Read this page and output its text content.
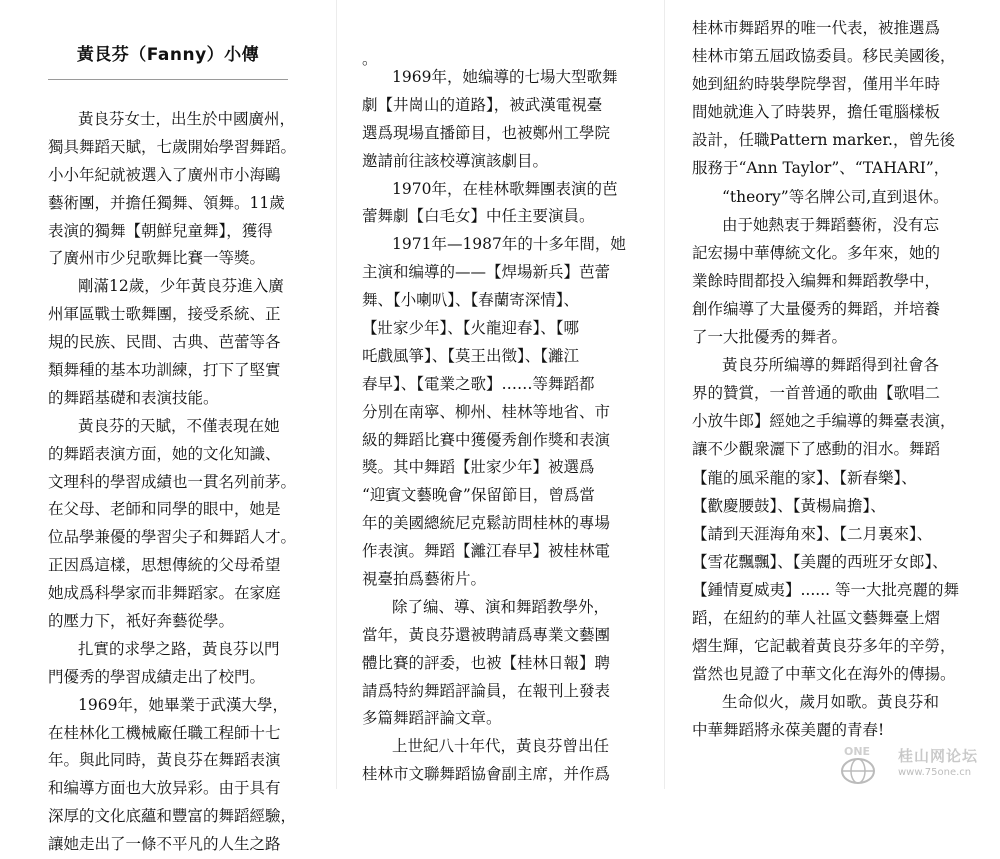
黃艮芬（Fanny）小傳
黃良芬女士，出生於中國廣州，
獨具舞蹈天賦，七歲開始學習舞蹈。
小小年紀就被選入了廣州市小海鷗
藝術團，并擔任獨舞、領舞。11歲
表演的獨舞【朝鮮兒童舞】，獲得
了廣州市少兒歌舞比賽一等獎。
剛滿12歲，少年黃良芬進入廣
州軍區戰士歌舞團，接受系統、正
規的民族、民間、古典、芭蕾等各
類舞種的基本功訓練，打下了堅實
的舞蹈基礎和表演技能。
黃良芬的天賦，不僅表現在她
的舞蹈表演方面，她的文化知識、
文理科的學習成績也一貫名列前茅。
在父母、老師和同學的眼中，她是
位品學兼優的學習尖子和舞蹈人才。
正因爲這樣，思想傳統的父母希望
她成爲科學家而非舞蹈家。在家庭
的壓力下，衹好奔藝從學。
扎實的求學之路，黃良芬以門
門優秀的學習成績走出了校門。
1969年，她畢業于武漢大學，
在桂林化工機械廠任職工程師十七
年。與此同時，黃良芬在舞蹈表演
和编導方面也大放异彩。由于具有
深厚的文化底蘊和豐富的舞蹈經驗，
讓她走出了一條不平凡的人生之路
。
1969年，她编導的七場大型歌舞
劇【井崗山的道路】，被武漢電視臺
選爲現場直播節目，也被鄭州工學院
邀請前往該校導演該劇目。
1970年，在桂林歌舞團表演的芭
蕾舞劇【白毛女】中任主要演員。
1971年—1987年的十多年間，她
主演和编導的——【焊場新兵】芭蕾
舞、【小喇叭】、【春蘭寄深情】、
【壯家少年】、【火龍迎春】、【哪
吒戲風箏】、【莫王出徵】、【灕江
春早】、【電業之歌】……等舞蹈都
分別在南寧、柳州、桂林等地省、市
級的舞蹈比賽中獲優秀創作獎和表演
獎。其中舞蹈【壯家少年】被選爲
“迎賓文藝晚會”保留節目，曾爲當
年的美國總統尼克鬆訪問桂林的專場
作表演。舞蹈【灕江春早】被桂林電
視臺拍爲藝術片。
除了编、導、演和舞蹈教學外，
當年，黃良芬還被聘請爲專業文藝團
體比賽的評委，也被【桂林日報】聘
請爲特約舞蹈評論員，在報刊上發表
多篇舞蹈評論文章。
上世紀八十年代，黃良芬曾出任
桂林市文聯舞蹈協會副主席，并作爲
桂林市舞蹈界的唯一代表，被推選爲
桂林市第五屆政協委員。移民美國後，
她到紐約時裝學院學習，僅用半年時
間她就進入了時裝界，擔任電腦樣板
設計，任職Pattern marker.，曾先後
服務于“Ann Taylor”、“TAHARI”，
“theory”等名牌公司,直到退休。
由于她熱衷于舞蹈藝術，没有忘
記宏揚中華傳統文化。多年來，她的
業餘時間都投入编舞和舞蹈教學中，
創作编導了大量優秀的舞蹈，并培養
了一大批優秀的舞者。
黃良芬所编導的舞蹈得到社會各
界的贊賞，一首普通的歌曲【歌唱二
小放牛郎】經她之手编導的舞臺表演，
讓不少觀衆灑下了感動的泪水。舞蹈
【龍的風采龍的家】、【新春樂】、
【歡慶腰鼓】、【黃楊扁擔】、
【請到天涯海角來】、【二月裏來】、
【雪花飄飄】、【美麗的西班牙女郎】、
【鍾情夏威夷】...... 等一大批亮麗的舞
蹈，在紐約的華人社區文藝舞臺上熠
熠生輝，它記載着黃良芬多年的辛勞，
當然也見證了中華文化在海外的傳揚。
生命似火，歲月如歌。黃良芬和
中華舞蹈將永葆美麗的青春!
ONE 桂山网论坛
www.75one.cn
